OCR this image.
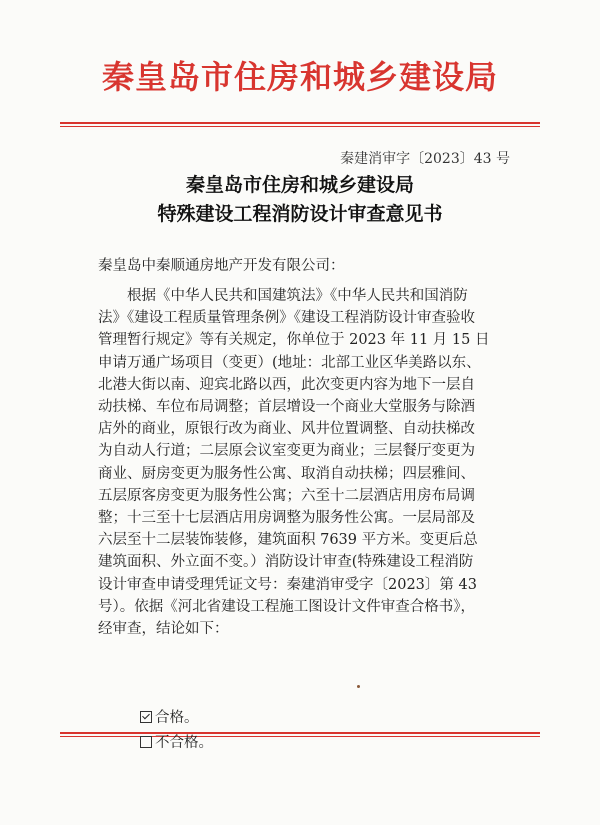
秦皇岛市住房和城乡建设局
秦建消审字〔2023〕43 号
秦皇岛市住房和城乡建设局
特殊建设工程消防设计审查意见书
秦皇岛中秦顺通房地产开发有限公司：
根据《中华人民共和国建筑法》《中华人民共和国消防
法》《建设工程质量管理条例》《建设工程消防设计审查验收
管理暂行规定》等有关规定，你单位于 2023 年 11 月 15 日
申请万通广场项目（变更）(地址：北部工业区华美路以东、
北港大街以南、迎宾北路以西，此次变更内容为地下一层自
动扶梯、车位布局调整；首层增设一个商业大堂服务与除酒
店外的商业，原银行改为商业、风井位置调整、自动扶梯改
为自动人行道；二层原会议室变更为商业；三层餐厅变更为
商业、厨房变更为服务性公寓、取消自动扶梯；四层雅间、
五层原客房变更为服务性公寓；六至十二层酒店用房布局调
整；十三至十七层酒店用房调整为服务性公寓。一层局部及
六层至十二层装饰装修，建筑面积 7639 平方米。变更后总
建筑面积、外立面不变。）消防设计审查(特殊建设工程消防
设计审查申请受理凭证文号：秦建消审受字〔2023〕第 43
号）。依据《河北省建设工程施工图设计文件审查合格书》，
经审查，结论如下：
合格。
不合格。
